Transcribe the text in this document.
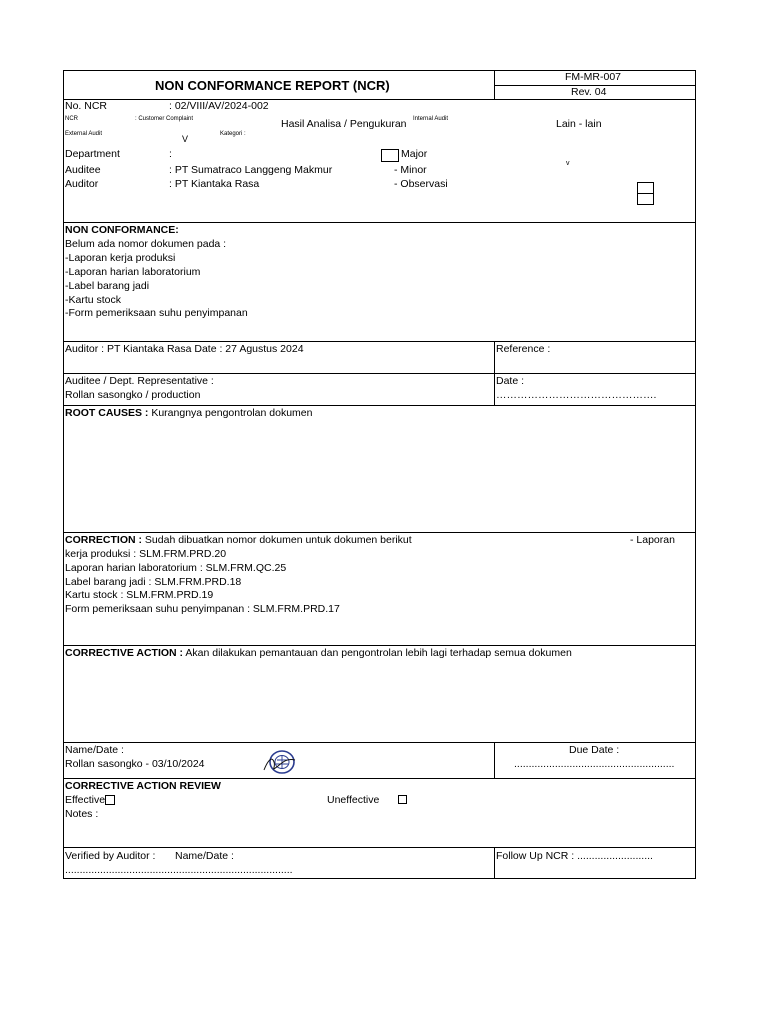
NON CONFORMANCE REPORT (NCR)
FM-MR-007
Rev. 04
No. NCR	: 02/VIII/AV/2024-002
NCR	: Customer Complaint	Hasil Analisa / Pengukuran Internal Audit	Lain - lain
External Audit	V	Kategori :
Department	:	Major
Auditee	: PT Sumatraco Langgeng Makmur	- Minor
v
Auditor	: PT Kiantaka Rasa	- Observasi
NON CONFORMANCE:
Belum ada nomor dokumen pada :
-Laporan kerja produksi
-Laporan harian laboratorium
-Label barang jadi
-Kartu stock
-Form pemeriksaan suhu penyimpanan
Auditor : PT Kiantaka Rasa Date : 27 Agustus 2024	Reference :
Auditee / Dept. Representative :
Rollan sasongko / production
Date :
……………………………………….
ROOT CAUSES : Kurangnya pengontrolan dokumen
CORRECTION : Sudah dibuatkan nomor dokumen untuk dokumen berikut	- Laporan
kerja produksi : SLM.FRM.PRD.20
Laporan harian laboratorium : SLM.FRM.QC.25
Label barang jadi : SLM.FRM.PRD.18
Kartu stock : SLM.FRM.PRD.19
Form pemeriksaan suhu penyimpanan : SLM.FRM.PRD.17
CORRECTIVE ACTION : Akan dilakukan pemantauan dan pengontrolan lebih lagi terhadap semua dokumen
Name/Date :
Rollan sasongko - 03/10/2024
Due Date :
.......................................................
CORRECTIVE ACTION REVIEW
Effective	Uneffective
Notes :
Verified by Auditor : Name/Date :
..............................................................................
Follow Up NCR : ..........................
